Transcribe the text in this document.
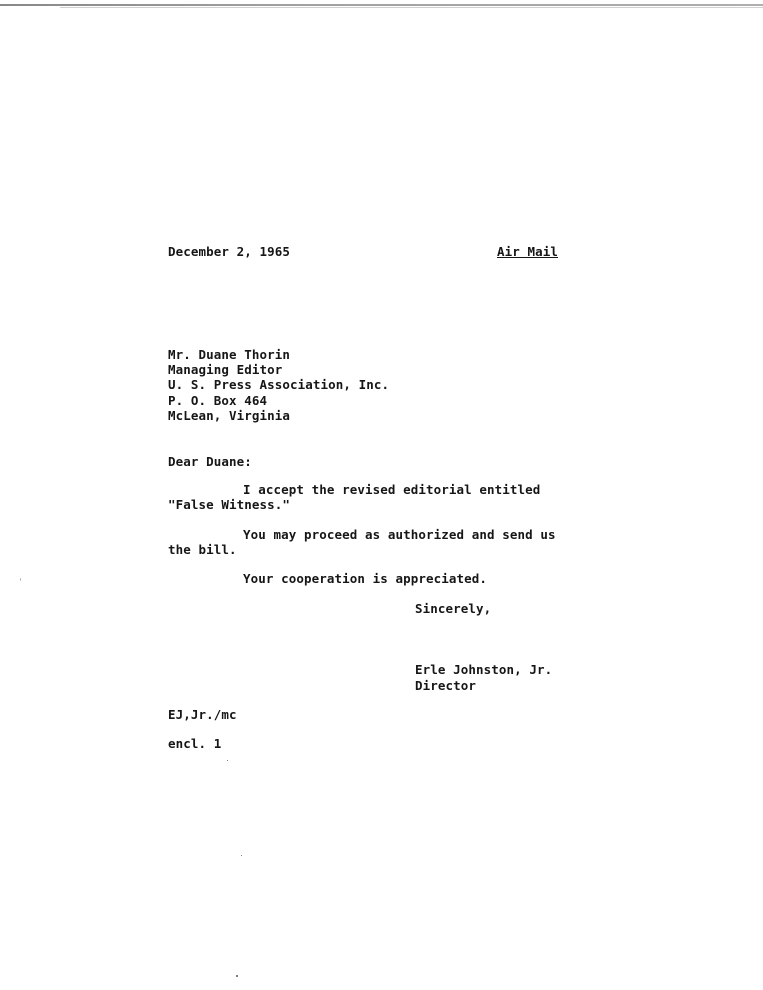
December 2, 1965	Air Mail
Mr. Duane Thorin
Managing Editor
U. S. Press Association, Inc.
P. O. Box 464
McLean, Virginia
Dear Duane:
I accept the revised editorial entitled
"False Witness."
You may proceed as authorized and send us
the bill.
Your cooperation is appreciated.
Sincerely,
Erle Johnston, Jr.
Director
EJ,Jr./mc
encl. 1
